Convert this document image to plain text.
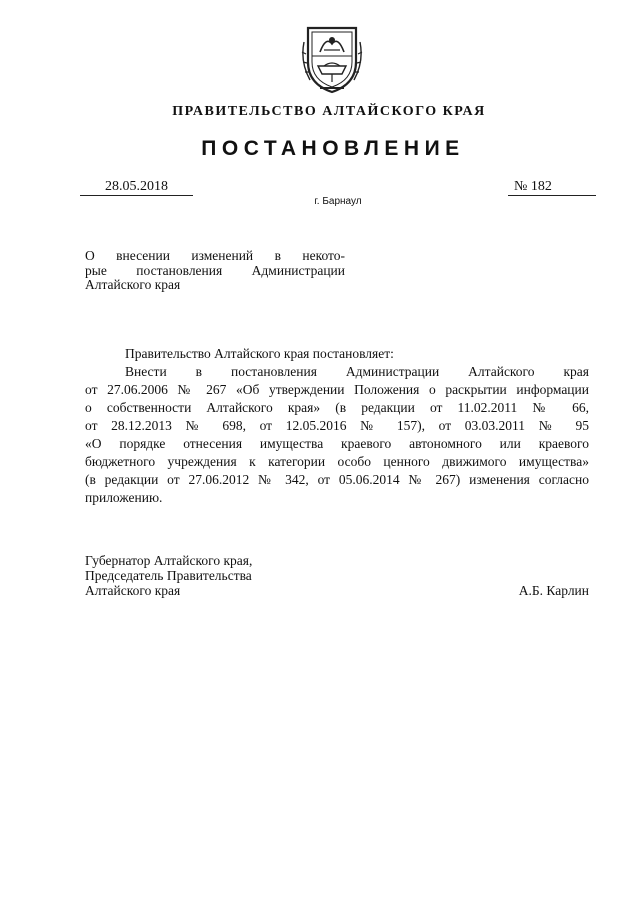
ПРАВИТЕЛЬСТВО АЛТАЙСКОГО КРАЯ
ПОСТАНОВЛЕНИЕ
28.05.2018	№ 182
г. Барнаул
О внесении изменений в некото-
рые постановления Администрации
Алтайского края
Правительство Алтайского края постановляет:
Внести в постановления Администрации Алтайского края
от 27.06.2006 № 267 «Об утверждении Положения о раскрытии информации
о собственности Алтайского края» (в редакции от 11.02.2011 № 66,
от 28.12.2013 № 698, от 12.05.2016 № 157), от 03.03.2011 № 95
«О порядке отнесения имущества краевого автономного или краевого
бюджетного учреждения к категории особо ценного движимого имущества»
(в редакции от 27.06.2012 № 342, от 05.06.2014 № 267) изменения согласно
приложению.
Губернатор Алтайского края,
Председатель Правительства
Алтайского края	А.Б. Карлин
